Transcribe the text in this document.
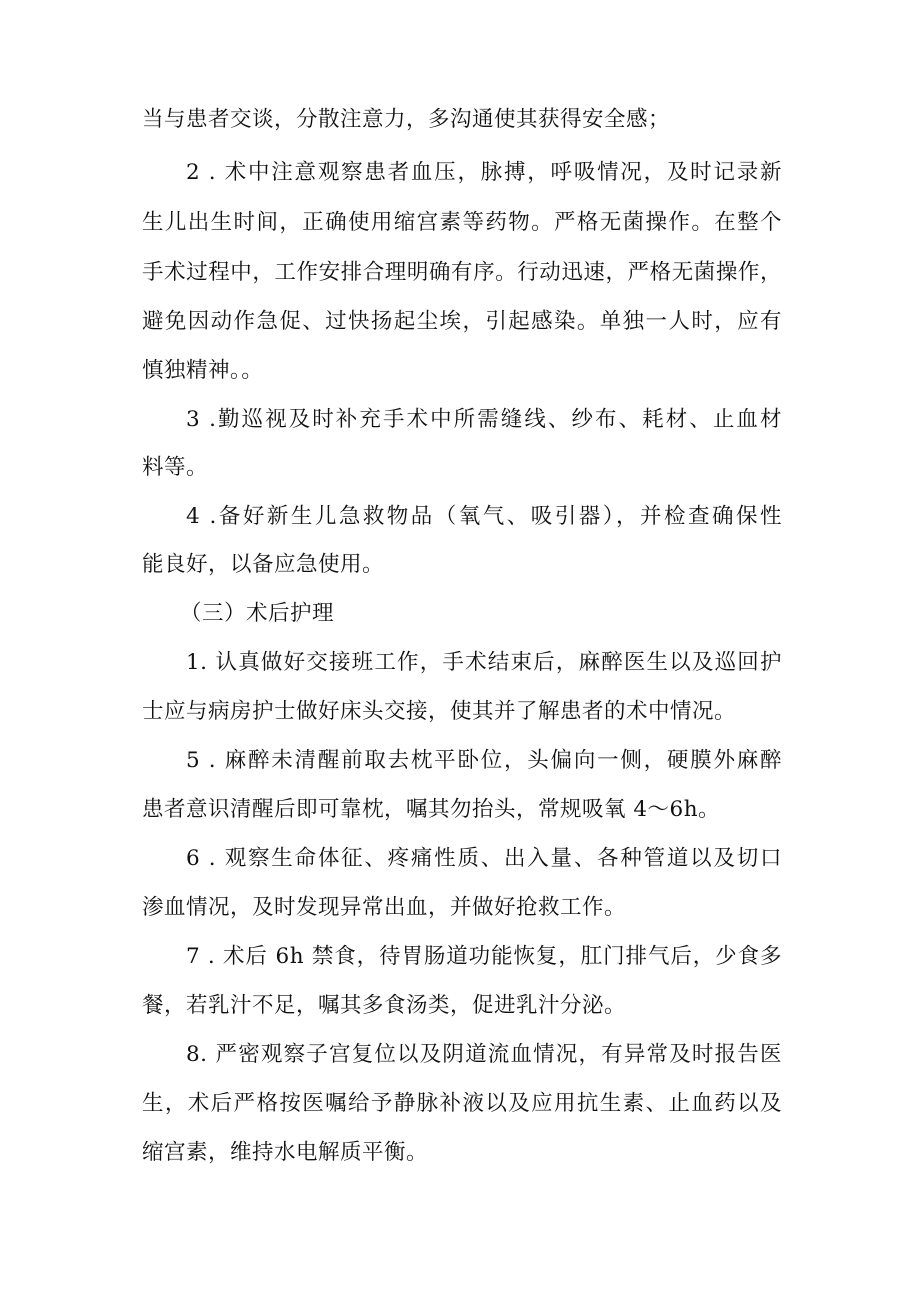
当与患者交谈，分散注意力，多沟通使其获得安全感；
2 . 术中注意观察患者血压，脉搏，呼吸情况，及时记录新
生儿出生时间，正确使用缩宫素等药物。严格无菌操作。在整个
手术过程中，工作安排合理明确有序。行动迅速，严格无菌操作，
避免因动作急促、过快扬起尘埃，引起感染。单独一人时，应有
慎独精神。。
3 .勤巡视及时补充手术中所需缝线、纱布、耗材、止血材
料等。
4 .备好新生儿急救物品（氧气、吸引器），并检查确保性
能良好，以备应急使用。
（三）术后护理
1. 认真做好交接班工作，手术结束后，麻醉医生以及巡回护
士应与病房护士做好床头交接，使其并了解患者的术中情况。
5 . 麻醉未清醒前取去枕平卧位，头偏向一侧，硬膜外麻醉
患者意识清醒后即可靠枕，嘱其勿抬头，常规吸氧 4～6h。
6 . 观察生命体征、疼痛性质、出入量、各种管道以及切口
渗血情况，及时发现异常出血，并做好抢救工作。
7 . 术后 6h 禁食，待胃肠道功能恢复，肛门排气后，少食多
餐，若乳汁不足，嘱其多食汤类，促进乳汁分泌。
8. 严密观察子宫复位以及阴道流血情况，有异常及时报告医
生，术后严格按医嘱给予静脉补液以及应用抗生素、止血药以及
缩宫素，维持水电解质平衡。
